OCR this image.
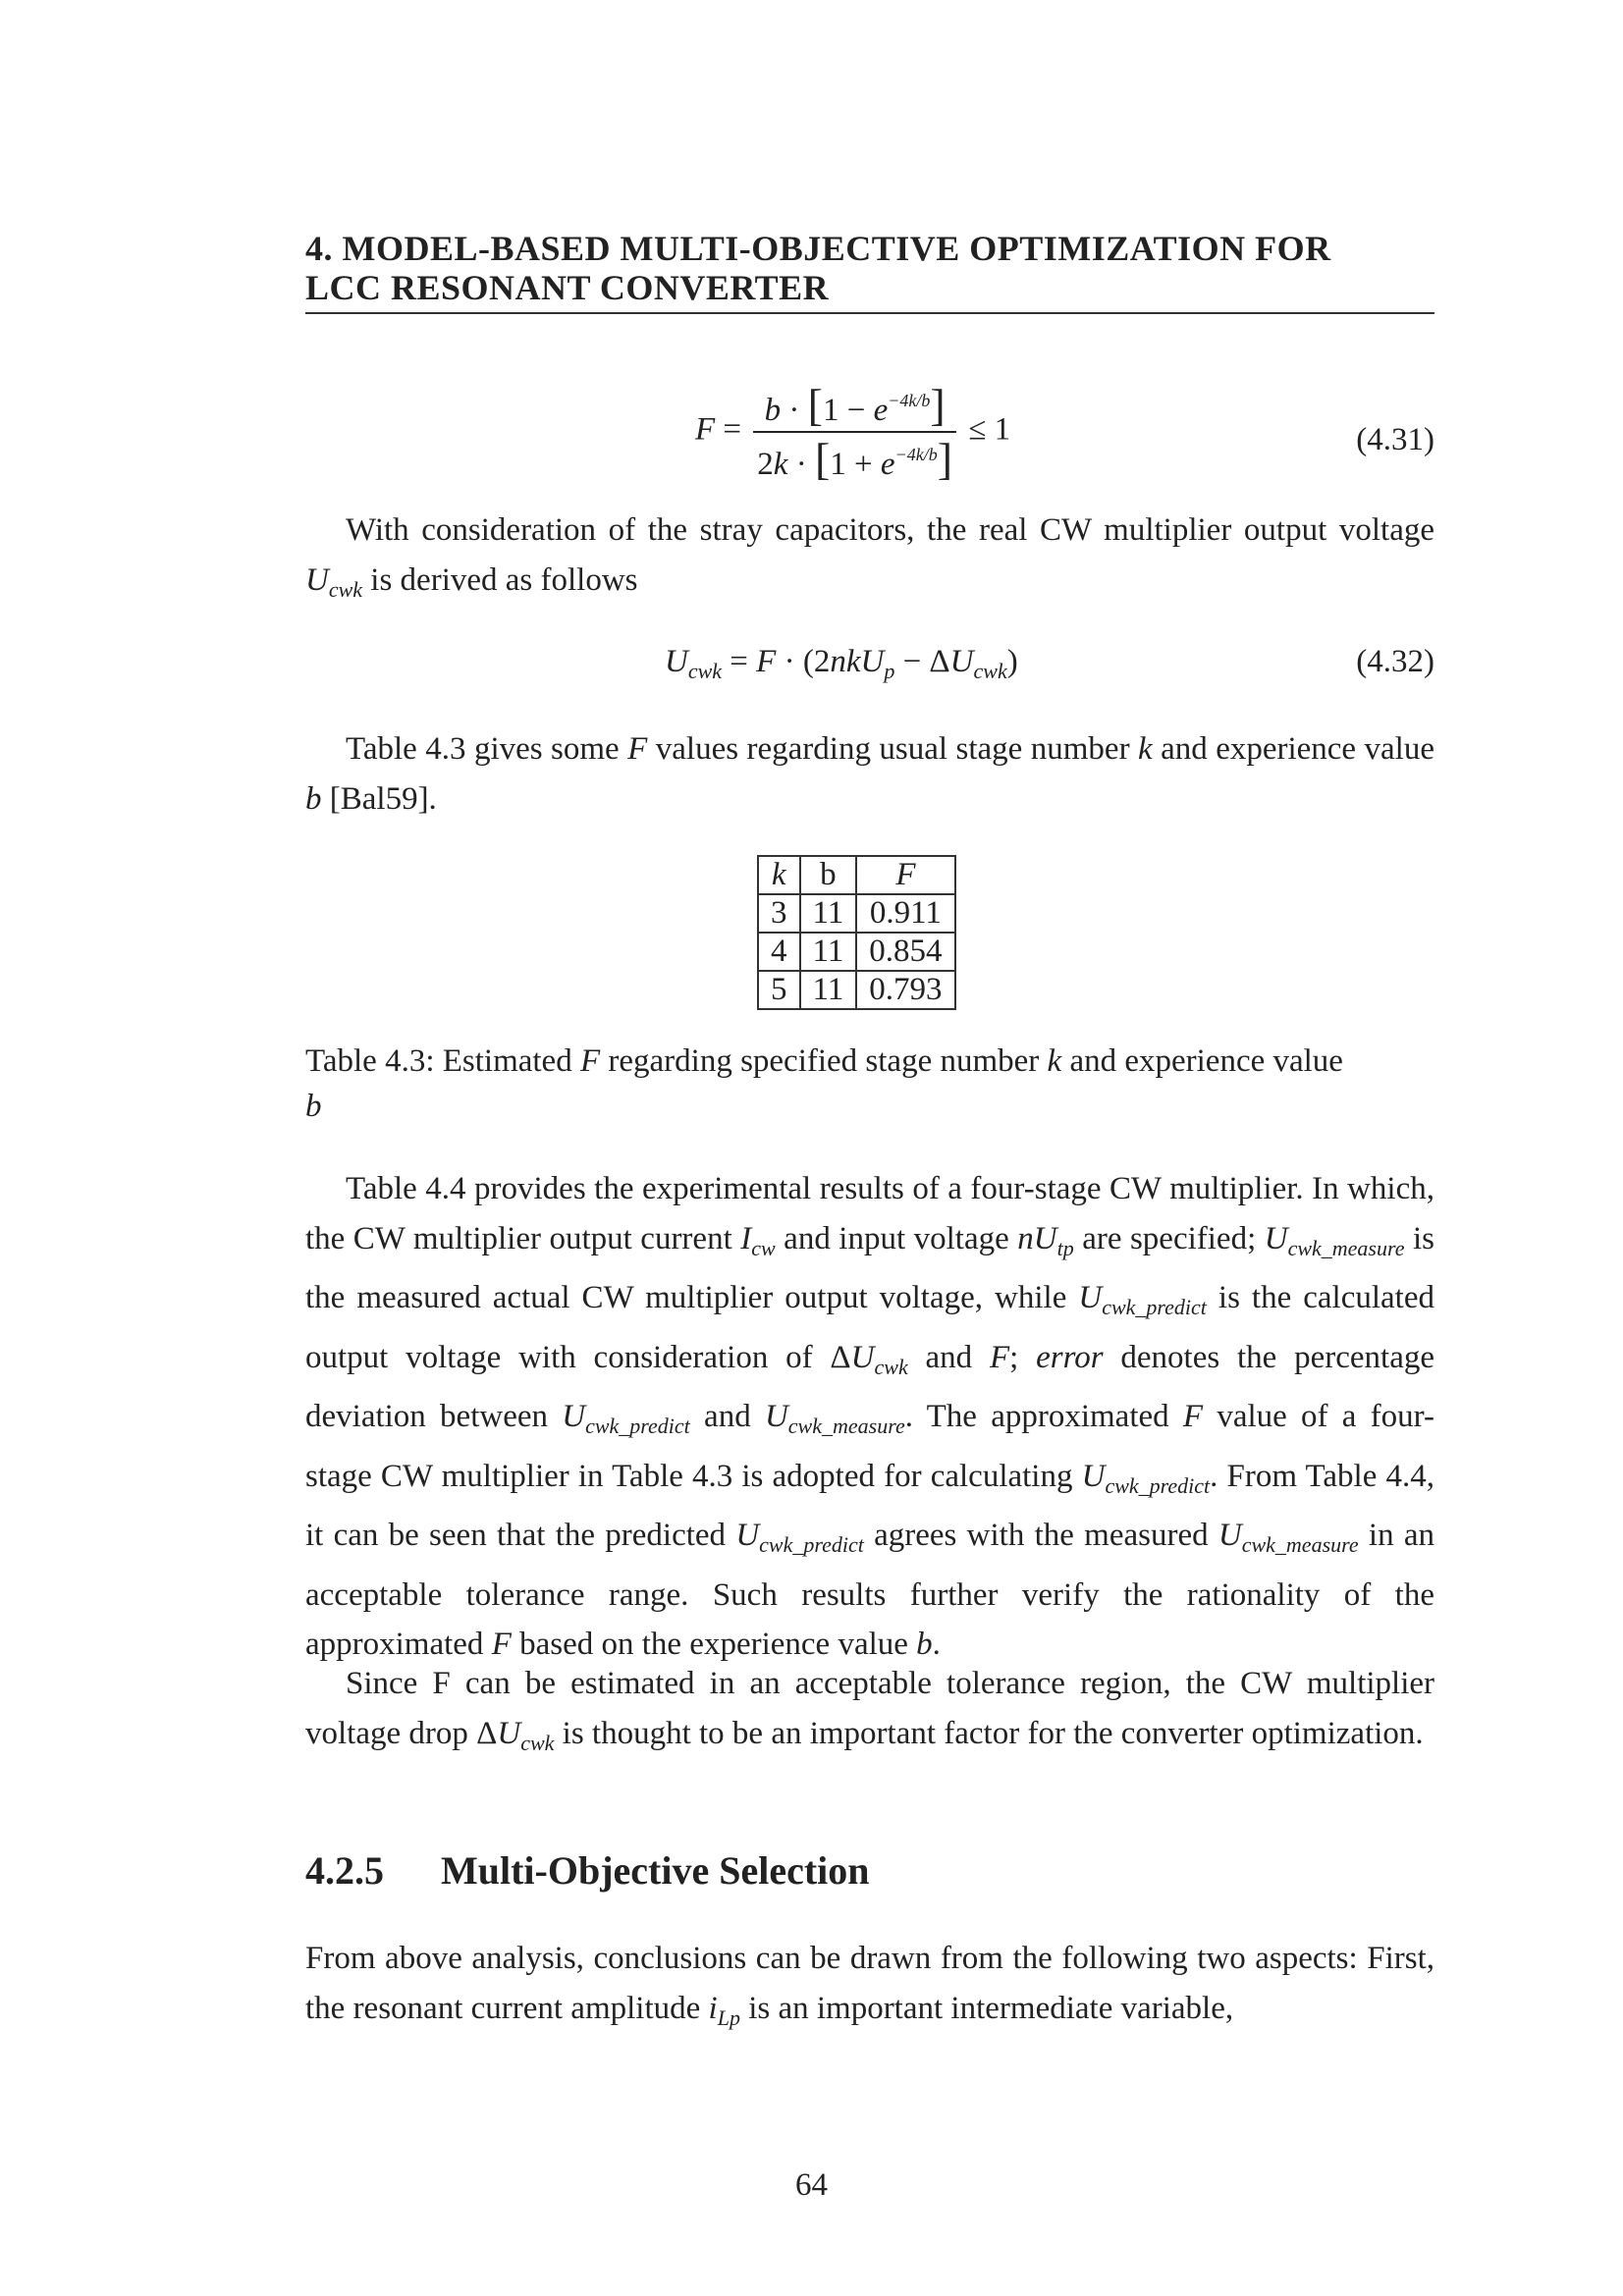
4. MODEL-BASED MULTI-OBJECTIVE OPTIMIZATION FOR
LCC RESONANT CONVERTER
$F = \frac{b \cdot [1 - e^{-4k/b}]}{2k \cdot [1 + e^{-4k/b}]} \le 1$	(4.31)
With consideration of the stray capacitors, the real CW multiplier output voltage $U_{cwk}$ is derived as follows
$U_{cwk} = F \cdot (2nkU_p - \Delta U_{cwk})$	(4.32)
Table 4.3 gives some F values regarding usual stage number k and experience value b [Bal59].
k	b	F
3	11	0.911
4	11	0.854
5	11	0.793
Table 4.3: Estimated F regarding specified stage number k and experience value
b
Table 4.4 provides the experimental results of a four-stage CW multiplier. In which, the CW multiplier output current $I_{cw}$ and input voltage $nU_{tp}$ are specified; $U_{cwk\_measure}$ is the measured actual CW multiplier output voltage, while $U_{cwk\_predict}$ is the calculated output voltage with consideration of $\Delta U_{cwk}$ and F; error denotes the percentage deviation between $U_{cwk\_predict}$ and $U_{cwk\_measure}$. The approximated F value of a four-stage CW multiplier in Table 4.3 is adopted for calculating $U_{cwk\_predict}$. From Table 4.4, it can be seen that the predicted $U_{cwk\_predict}$ agrees with the measured $U_{cwk\_measure}$ in an acceptable tolerance range. Such results further verify the rationality of the approximated F based on the experience value b.
Since F can be estimated in an acceptable tolerance region, the CW multiplier voltage drop $\Delta U_{cwk}$ is thought to be an important factor for the converter optimization.
4.2.5 Multi-Objective Selection
From above analysis, conclusions can be drawn from the following two aspects: First, the resonant current amplitude $i_{Lp}$ is an important intermediate variable,
64
